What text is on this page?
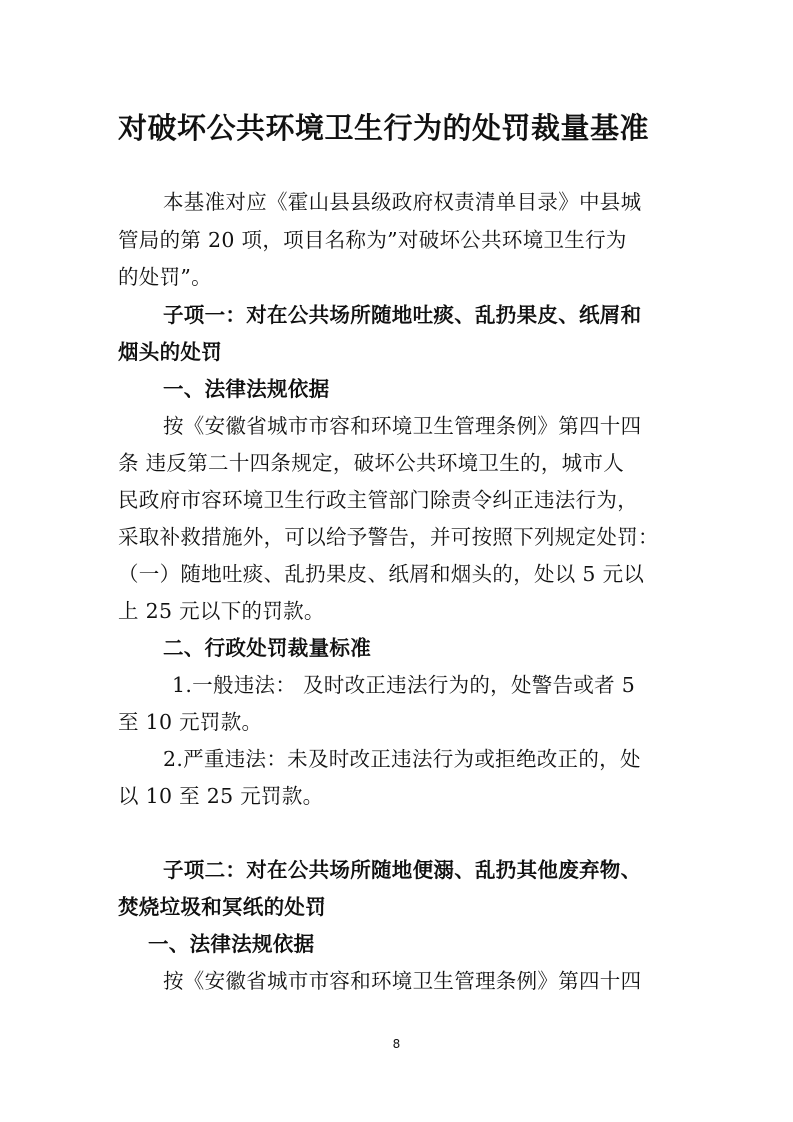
对破坏公共环境卫生行为的处罚裁量基准
本基准对应《霍山县县级政府权责清单目录》中县城
管局的第 20 项，项目名称为”对破坏公共环境卫生行为
的处罚”。
子项一：对在公共场所随地吐痰、乱扔果皮、纸屑和
烟头的处罚
一、法律法规依据
按《安徽省城市市容和环境卫生管理条例》第四十四
条 违反第二十四条规定，破坏公共环境卫生的，城市人
民政府市容环境卫生行政主管部门除责令纠正违法行为，
采取补救措施外，可以给予警告，并可按照下列规定处罚：
（一）随地吐痰、乱扔果皮、纸屑和烟头的，处以 5 元以
上 25 元以下的罚款。
二、行政处罚裁量标准
1.一般违法： 及时改正违法行为的，处警告或者 5
至 10 元罚款。
2.严重违法：未及时改正违法行为或拒绝改正的，处
以 10 至 25 元罚款。
子项二：对在公共场所随地便溺、乱扔其他废弃物、
焚烧垃圾和冥纸的处罚
一、法律法规依据
按《安徽省城市市容和环境卫生管理条例》第四十四
8
